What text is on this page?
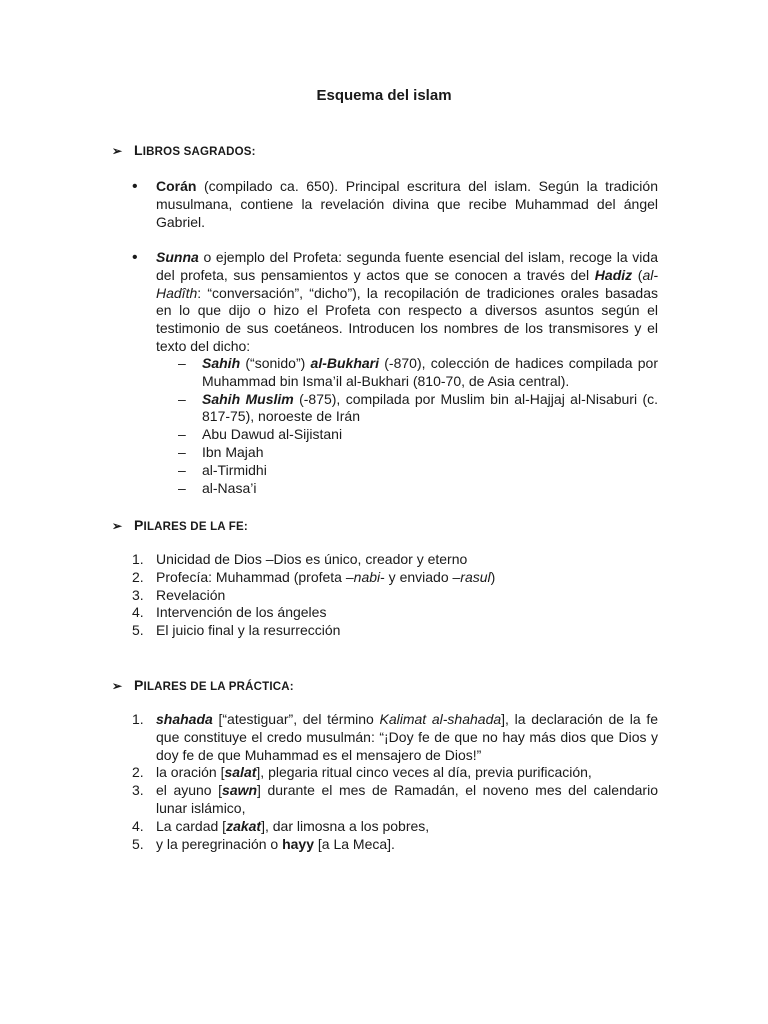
Esquema del islam
➢ LIBROS SAGRADOS:
• Corán (compilado ca. 650). Principal escritura del islam. Según la tradición musulmana, contiene la revelación divina que recibe Muhammad del ángel Gabriel.
• Sunna o ejemplo del Profeta: segunda fuente esencial del islam, recoge la vida del profeta, sus pensamientos y actos que se conocen a través del Hadiz (al-Hadîth: “conversación”, “dicho”), la recopilación de tradiciones orales basadas en lo que dijo o hizo el Profeta con respecto a diversos asuntos según el testimonio de sus coetáneos. Introducen los nombres de los transmisores y el texto del dicho:
– Sahih (“sonido”) al-Bukhari (-870), colección de hadices compilada por Muhammad bin Isma’il al-Bukhari (810-70, de Asia central).
– Sahih Muslim (-875), compilada por Muslim bin al-Hajjaj al-Nisaburi (c. 817-75), noroeste de Irán
– Abu Dawud al-Sijistani
– Ibn Majah
– al-Tirmidhi
– al-Nasa’i
➢ PILARES DE LA FE:
1. Unicidad de Dios –Dios es único, creador y eterno
2. Profecía: Muhammad (profeta –nabi- y enviado –rasul)
3. Revelación
4. Intervención de los ángeles
5. El juicio final y la resurrección
➢ PILARES DE LA PRÁCTICA:
1. shahada [“atestiguar”, del término Kalimat al-shahada], la declaración de la fe que constituye el credo musulmán: “¡Doy fe de que no hay más dios que Dios y doy fe de que Muhammad es el mensajero de Dios!”
2. la oración [salat], plegaria ritual cinco veces al día, previa purificación,
3. el ayuno [sawn] durante el mes de Ramadán, el noveno mes del calendario lunar islámico,
4. La cardad [zakat], dar limosna a los pobres,
5. y la peregrinación o hayy [a La Meca].
